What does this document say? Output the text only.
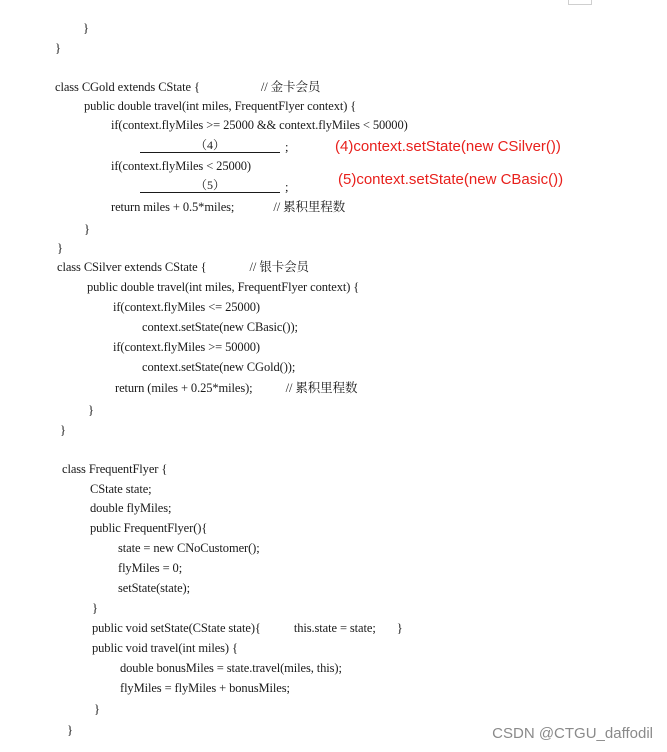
}
}
class CGold extends CState {	// 金卡会员
public double travel(int miles, FrequentFlyer context) {
if(context.flyMiles >= 25000 && context.flyMiles < 50000)
（4）	;
if(context.flyMiles < 25000)
（5）	;
return miles + 0.5*miles;	// 累积里程数
}
}
(4)context.setState(new CSilver())
(5)context.setState(new CBasic())
class CSilver extends CState {	// 银卡会员
public double travel(int miles, FrequentFlyer context) {
if(context.flyMiles <= 25000)
context.setState(new CBasic());
if(context.flyMiles >= 50000)
context.setState(new CGold());
return (miles + 0.25*miles);	// 累积里程数
}
}
class FrequentFlyer {
CState state;
double flyMiles;
public FrequentFlyer(){
state = new CNoCustomer();
flyMiles = 0;
setState(state);
}
public void setState(CState state){	this.state = state; }
public void travel(int miles) {
double bonusMiles = state.travel(miles, this);
flyMiles = flyMiles + bonusMiles;
}
}	CSDN @CTGU_daffodil
